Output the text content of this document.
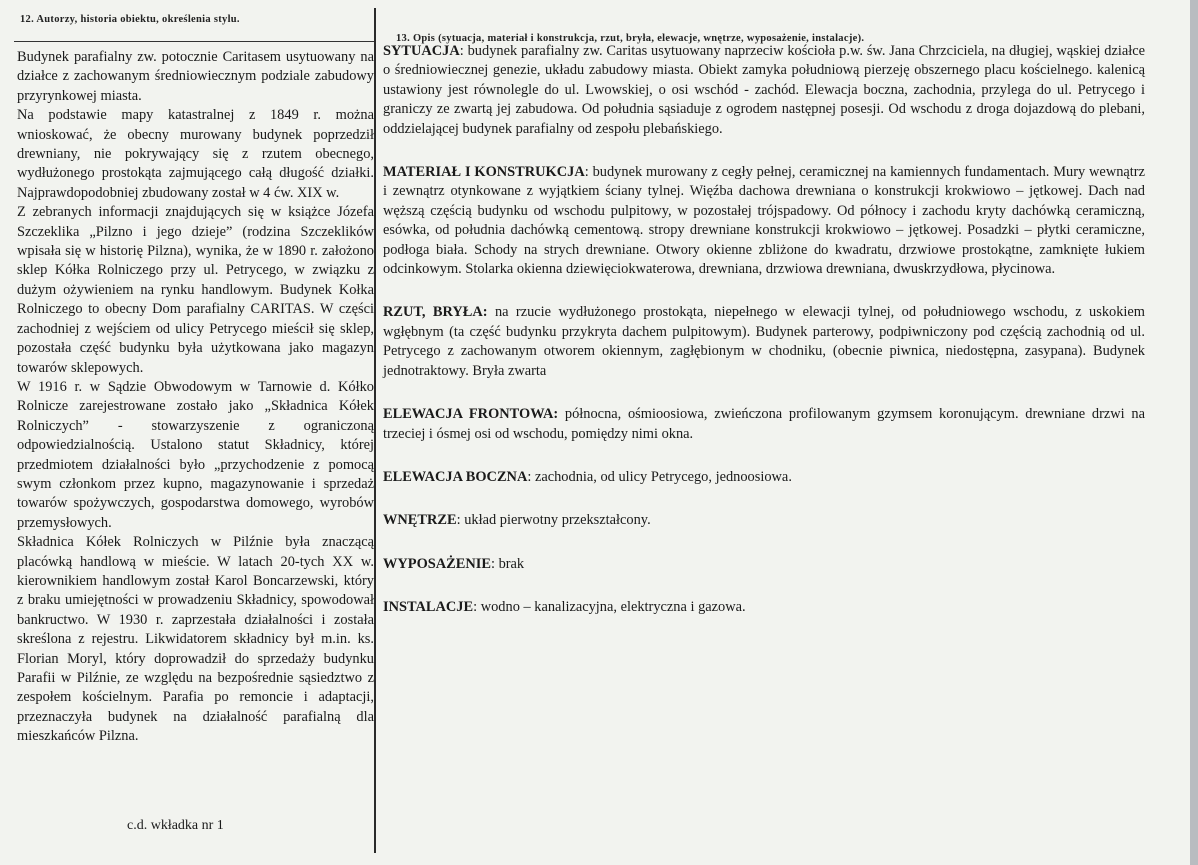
12. Autorzy, historia obiektu, określenia stylu.

Budynek parafialny zw. potocznie Caritasem usytuowany na działce z zachowanym średniowiecznym podziale zabudowy przyrynkowej miasta.

Na podstawie mapy katastralnej z 1849 r. można wnioskować, że obecny murowany budynek poprzedził drewniany, nie pokrywający się z rzutem obecnego, wydłużonego prostokąta zajmującego całą długość działki. Najprawdopodobniej zbudowany został w 4 ćw. XIX w.

Z zebranych informacji znajdujących się w książce Józefa Szczeklika „Pilzno i jego dzieje” (rodzina Szczeklików wpisała się w historię Pilzna), wynika, że w 1890 r. założono sklep Kółka Rolniczego przy ul. Petrycego, w związku z dużym ożywieniem na rynku handlowym. Budynek Kołka Rolniczego to obecny Dom parafialny CARITAS. W części zachodniej z wejściem od ulicy Petrycego mieścił się sklep, pozostała część budynku była użytkowana jako magazyn towarów sklepowych.

W 1916 r. w Sądzie Obwodowym w Tarnowie d. Kółko Rolnicze zarejestrowane zostało jako „Składnica Kółek Rolniczych” - stowarzyszenie z ograniczoną odpowiedzialnością. Ustalono statut Składnicy, której przedmiotem działalności było „przychodzenie z pomocą swym członkom przez kupno, magazynowanie i sprzedaż towarów spożywczych, gospodarstwa domowego, wyrobów przemysłowych.

Składnica Kółek Rolniczych w Pilźnie była znaczącą placówką handlową w mieście. W latach 20-tych XX w. kierownikiem handlowym został Karol Boncarzewski, który z braku umiejętności w prowadzeniu Składnicy, spowodował bankructwo. W 1930 r. zaprzestała działalności i została skreślona z rejestru. Likwidatorem składnicy był m.in. ks. Florian Moryl, który doprowadził do sprzedaży budynku Parafii w Pilźnie, ze względu na bezpośrednie sąsiedztwo z zespołem kościelnym. Parafia po remoncie i adaptacji, przeznaczyła budynek na działalność parafialną dla mieszkańców Pilzna.

c.d. wkładka nr 1
13. Opis (sytuacja, materiał i konstrukcja, rzut, bryła, elewacje, wnętrze, wyposażenie, instalacje).

SYTUACJA: budynek parafialny zw. Caritas usytuowany naprzeciw kościoła p.w. św. Jana Chrzciciela, na długiej, wąskiej działce o średniowiecznej genezie, układu zabudowy miasta. Obiekt zamyka południową pierzeję obszernego placu kościelnego. kalenicą ustawiony jest równolegle do ul. Lwowskiej, o osi wschód - zachód. Elewacja boczna, zachodnia, przylega do ul. Petrycego i graniczy ze zwartą jej zabudowa. Od południa sąsiaduje z ogrodem następnej posesji. Od wschodu z droga dojazdową do plebani, oddzielającej budynek parafialny od zespołu plebańskiego.

MATERIAŁ I KONSTRUKCJA: budynek murowany z cegły pełnej, ceramicznej na kamiennych fundamentach. Mury wewnątrz i zewnątrz otynkowane z wyjątkiem ściany tylnej. Więźba dachowa drewniana o konstrukcji krokwiowo – jętkowej. Dach nad węższą częścią budynku od wschodu pulpitowy, w pozostałej trójspadowy. Od północy i zachodu kryty dachówką ceramiczną, esówka, od południa dachówką cementową. stropy drewniane konstrukcji krokwiowo – jętkowej. Posadzki – płytki ceramiczne, podłoga biała. Schody na strych drewniane. Otwory okienne zbliżone do kwadratu, drzwiowe prostokątne, zamknięte łukiem odcinkowym. Stolarka okienna dziewięciokwaterowa, drewniana, drzwiowa drewniana, dwuskrzydłowa, płycinowa.

RZUT, BRYŁA: na rzucie wydłużonego prostokąta, niepełnego w elewacji tylnej, od południowego wschodu, z uskokiem wgłębnym (ta część budynku przykryta dachem pulpitowym). Budynek parterowy, podpiwniczony pod częścią zachodnią od ul. Petrycego z zachowanym otworem okiennym, zagłębionym w chodniku, (obecnie piwnica, niedostępna, zasypana). Budynek jednotraktowy. Bryła zwarta

ELEWACJA FRONTOWA: północna, ośmioosiowa, zwieńczona profilowanym gzymsem koronującym. drewniane drzwi na trzeciej i ósmej osi od wschodu, pomiędzy nimi okna.

ELEWACJA BOCZNA: zachodnia, od ulicy Petrycego, jednoosiowa.

WNĘTRZE: układ pierwotny przekształcony.

WYPOSAŻENIE: brak

INSTALACJE: wodno – kanalizacyjna, elektryczna i gazowa.
